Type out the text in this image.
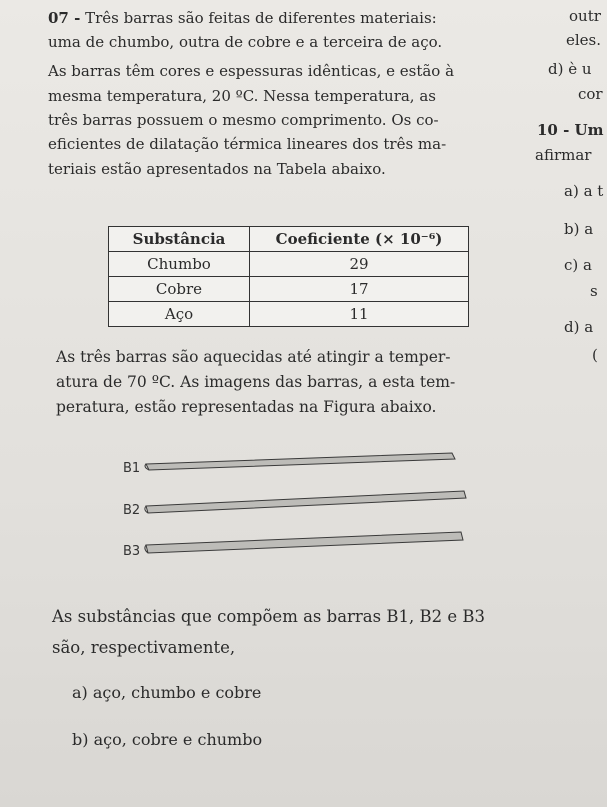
07 - Três barras são feitas de diferentes materiais:
uma de chumbo, outra de cobre e a terceira de aço.
As barras têm cores e espessuras idênticas, e estão à
mesma temperatura, 20 ºC. Nessa temperatura, as
três barras possuem o mesmo comprimento. Os co-
eficientes de dilatação térmica lineares dos três ma-
teriais estão apresentados na Tabela abaixo.
Substância	Coeficiente (× 10⁻⁶)
Chumbo	29
Cobre	17
Aço	11
As três barras são aquecidas até atingir a temper-
atura de 70 ºC. As imagens das barras, a esta tem-
peratura, estão representadas na Figura abaixo.
B1
B2
B3
As substâncias que compõem as barras B1, B2 e B3
são, respectivamente,
a) aço, chumbo e cobre
b) aço, cobre e chumbo
outr
eles.
d) è u
cor
10 - Um
afirmar
a) a t
b) a
c) a
s
d) a
(
